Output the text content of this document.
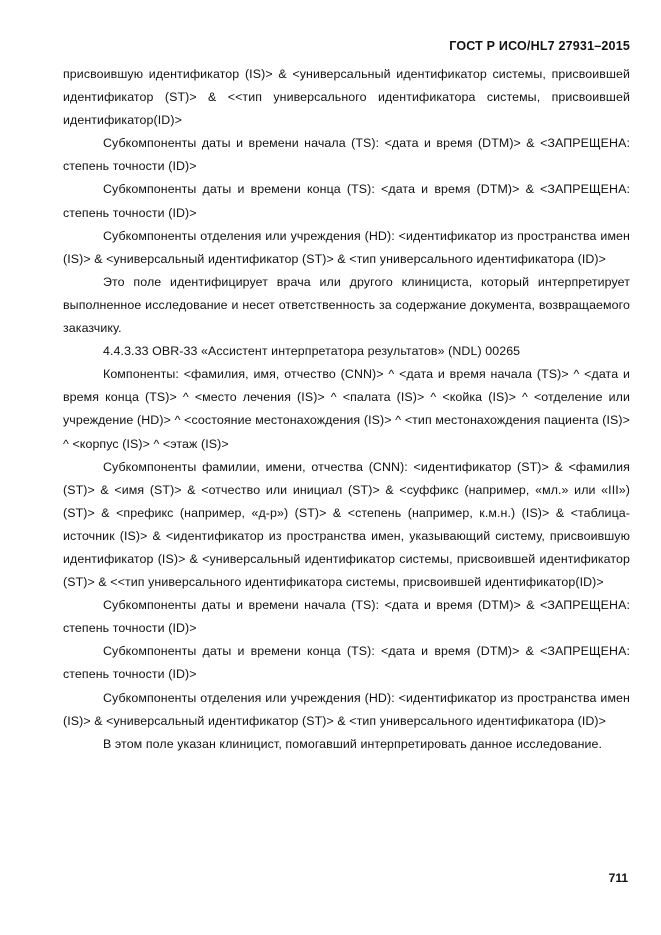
ГОСТ Р ИСО/HL7 27931–2015

присвоившую идентификатор (IS)> & <универсальный идентификатор системы, присвоившей идентификатор (ST)> & <<тип универсального идентификатора системы, присвоившей идентификатор(ID)>

Субкомпоненты даты и времени начала (TS): <дата и время (DTM)> & <ЗАПРЕЩЕНА: степень точности (ID)>

Субкомпоненты даты и времени конца (TS): <дата и время (DTM)> & <ЗАПРЕЩЕНА: степень точности (ID)>

Субкомпоненты отделения или учреждения (HD): <идентификатор из пространства имен (IS)> & <универсальный идентификатор (ST)> & <тип универсального идентификатора (ID)>

Это поле идентифицирует врача или другого клинициста, который интерпретирует выполненное исследование и несет ответственность за содержание документа, возвращаемого заказчику.

4.4.3.33 OBR-33 «Ассистент интерпретатора результатов» (NDL) 00265

Компоненты: <фамилия, имя, отчество (CNN)> ^ <дата и время начала (TS)> ^ <дата и время конца (TS)> ^ <место лечения (IS)> ^ <палата (IS)> ^ <койка (IS)> ^ <отделение или учреждение (HD)> ^ <состояние местонахождения (IS)> ^ <тип местонахождения пациента (IS)> ^ <корпус (IS)> ^ <этаж (IS)>

Субкомпоненты фамилии, имени, отчества (CNN): <идентификатор (ST)> & <фамилия (ST)> & <имя (ST)> & <отчество или инициал (ST)> & <суффикс (например, «мл.» или «III») (ST)> & <префикс (например, «д-р») (ST)> & <степень (например, к.м.н.) (IS)> & <таблица-источник (IS)> & <идентификатор из пространства имен, указывающий систему, присвоившую идентификатор (IS)> & <универсальный идентификатор системы, присвоившей идентификатор (ST)> & <<тип универсального идентификатора системы, присвоившей идентификатор(ID)>

Субкомпоненты даты и времени начала (TS): <дата и время (DTM)> & <ЗАПРЕЩЕНА: степень точности (ID)>

Субкомпоненты даты и времени конца (TS): <дата и время (DTM)> & <ЗАПРЕЩЕНА: степень точности (ID)>

Субкомпоненты отделения или учреждения (HD): <идентификатор из пространства имен (IS)> & <универсальный идентификатор (ST)> & <тип универсального идентификатора (ID)>

В этом поле указан клиницист, помогавший интерпретировать данное исследование.

711
